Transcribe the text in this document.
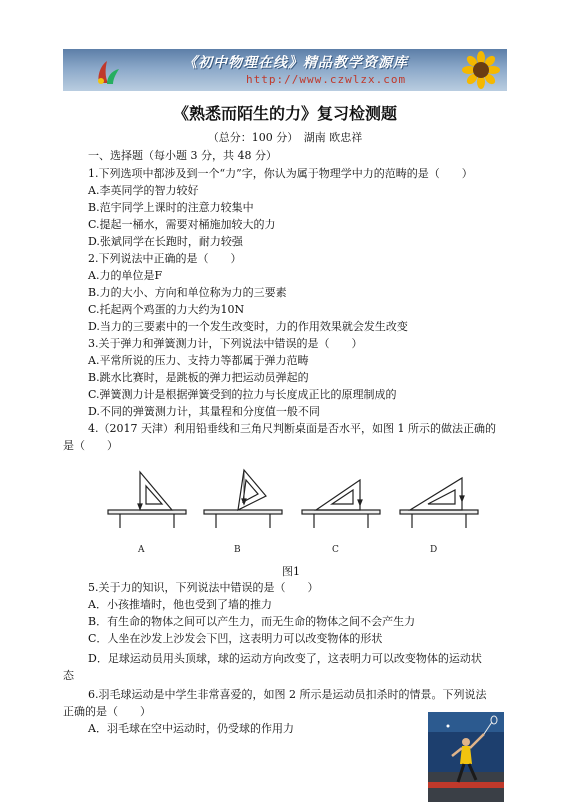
《初中物理在线》精品教学资源库
http://www.czwlzx.com
《熟悉而陌生的力》复习检测题
（总分：100 分）　湖南 欧忠祥
一、选择题（每小题 3 分，共 48 分）
1.下列选项中都涉及到一个“力”字，你认为属于物理学中力的范畴的是（　　）
A.李英同学的智力较好
B.范宇同学上课时的注意力较集中
C.提起一桶水，需要对桶施加较大的力
D.张斌同学在长跑时，耐力较强
2.下列说法中正确的是（　　）
A.力的单位是F
B.力的大小、方向和单位称为力的三要素
C.托起两个鸡蛋的力大约为10N
D.当力的三要素中的一个发生改变时，力的作用效果就会发生改变
3.关于弹力和弹簧测力计，下列说法中错误的是（　　）
A.平常所说的压力、支持力等都属于弹力范畴
B.跳水比赛时，是跳板的弹力把运动员弹起的
C.弹簧测力计是根据弹簧受到的拉力与长度成正比的原理制成的
D.不同的弹簧测力计，其量程和分度值一般不同
4.（2017 天津）利用铅垂线和三角尺判断桌面是否水平，如图 1 所示的做法正确的
是（　　）
A	B	C	D
图1
5.关于力的知识，下列说法中错误的是（　　）
A．小孩推墙时，他也受到了墙的推力
B．有生命的物体之间可以产生力，而无生命的物体之间不会产生力
C．人坐在沙发上沙发会下凹，这表明力可以改变物体的形状
D．足球运动员用头顶球，球的运动方向改变了，这表明力可以改变物体的运动状
态
6.羽毛球运动是中学生非常喜爱的，如图 2 所示是运动员扣杀时的情景。下列说法
正确的是（　　）
A．羽毛球在空中运动时，仍受球的作用力
